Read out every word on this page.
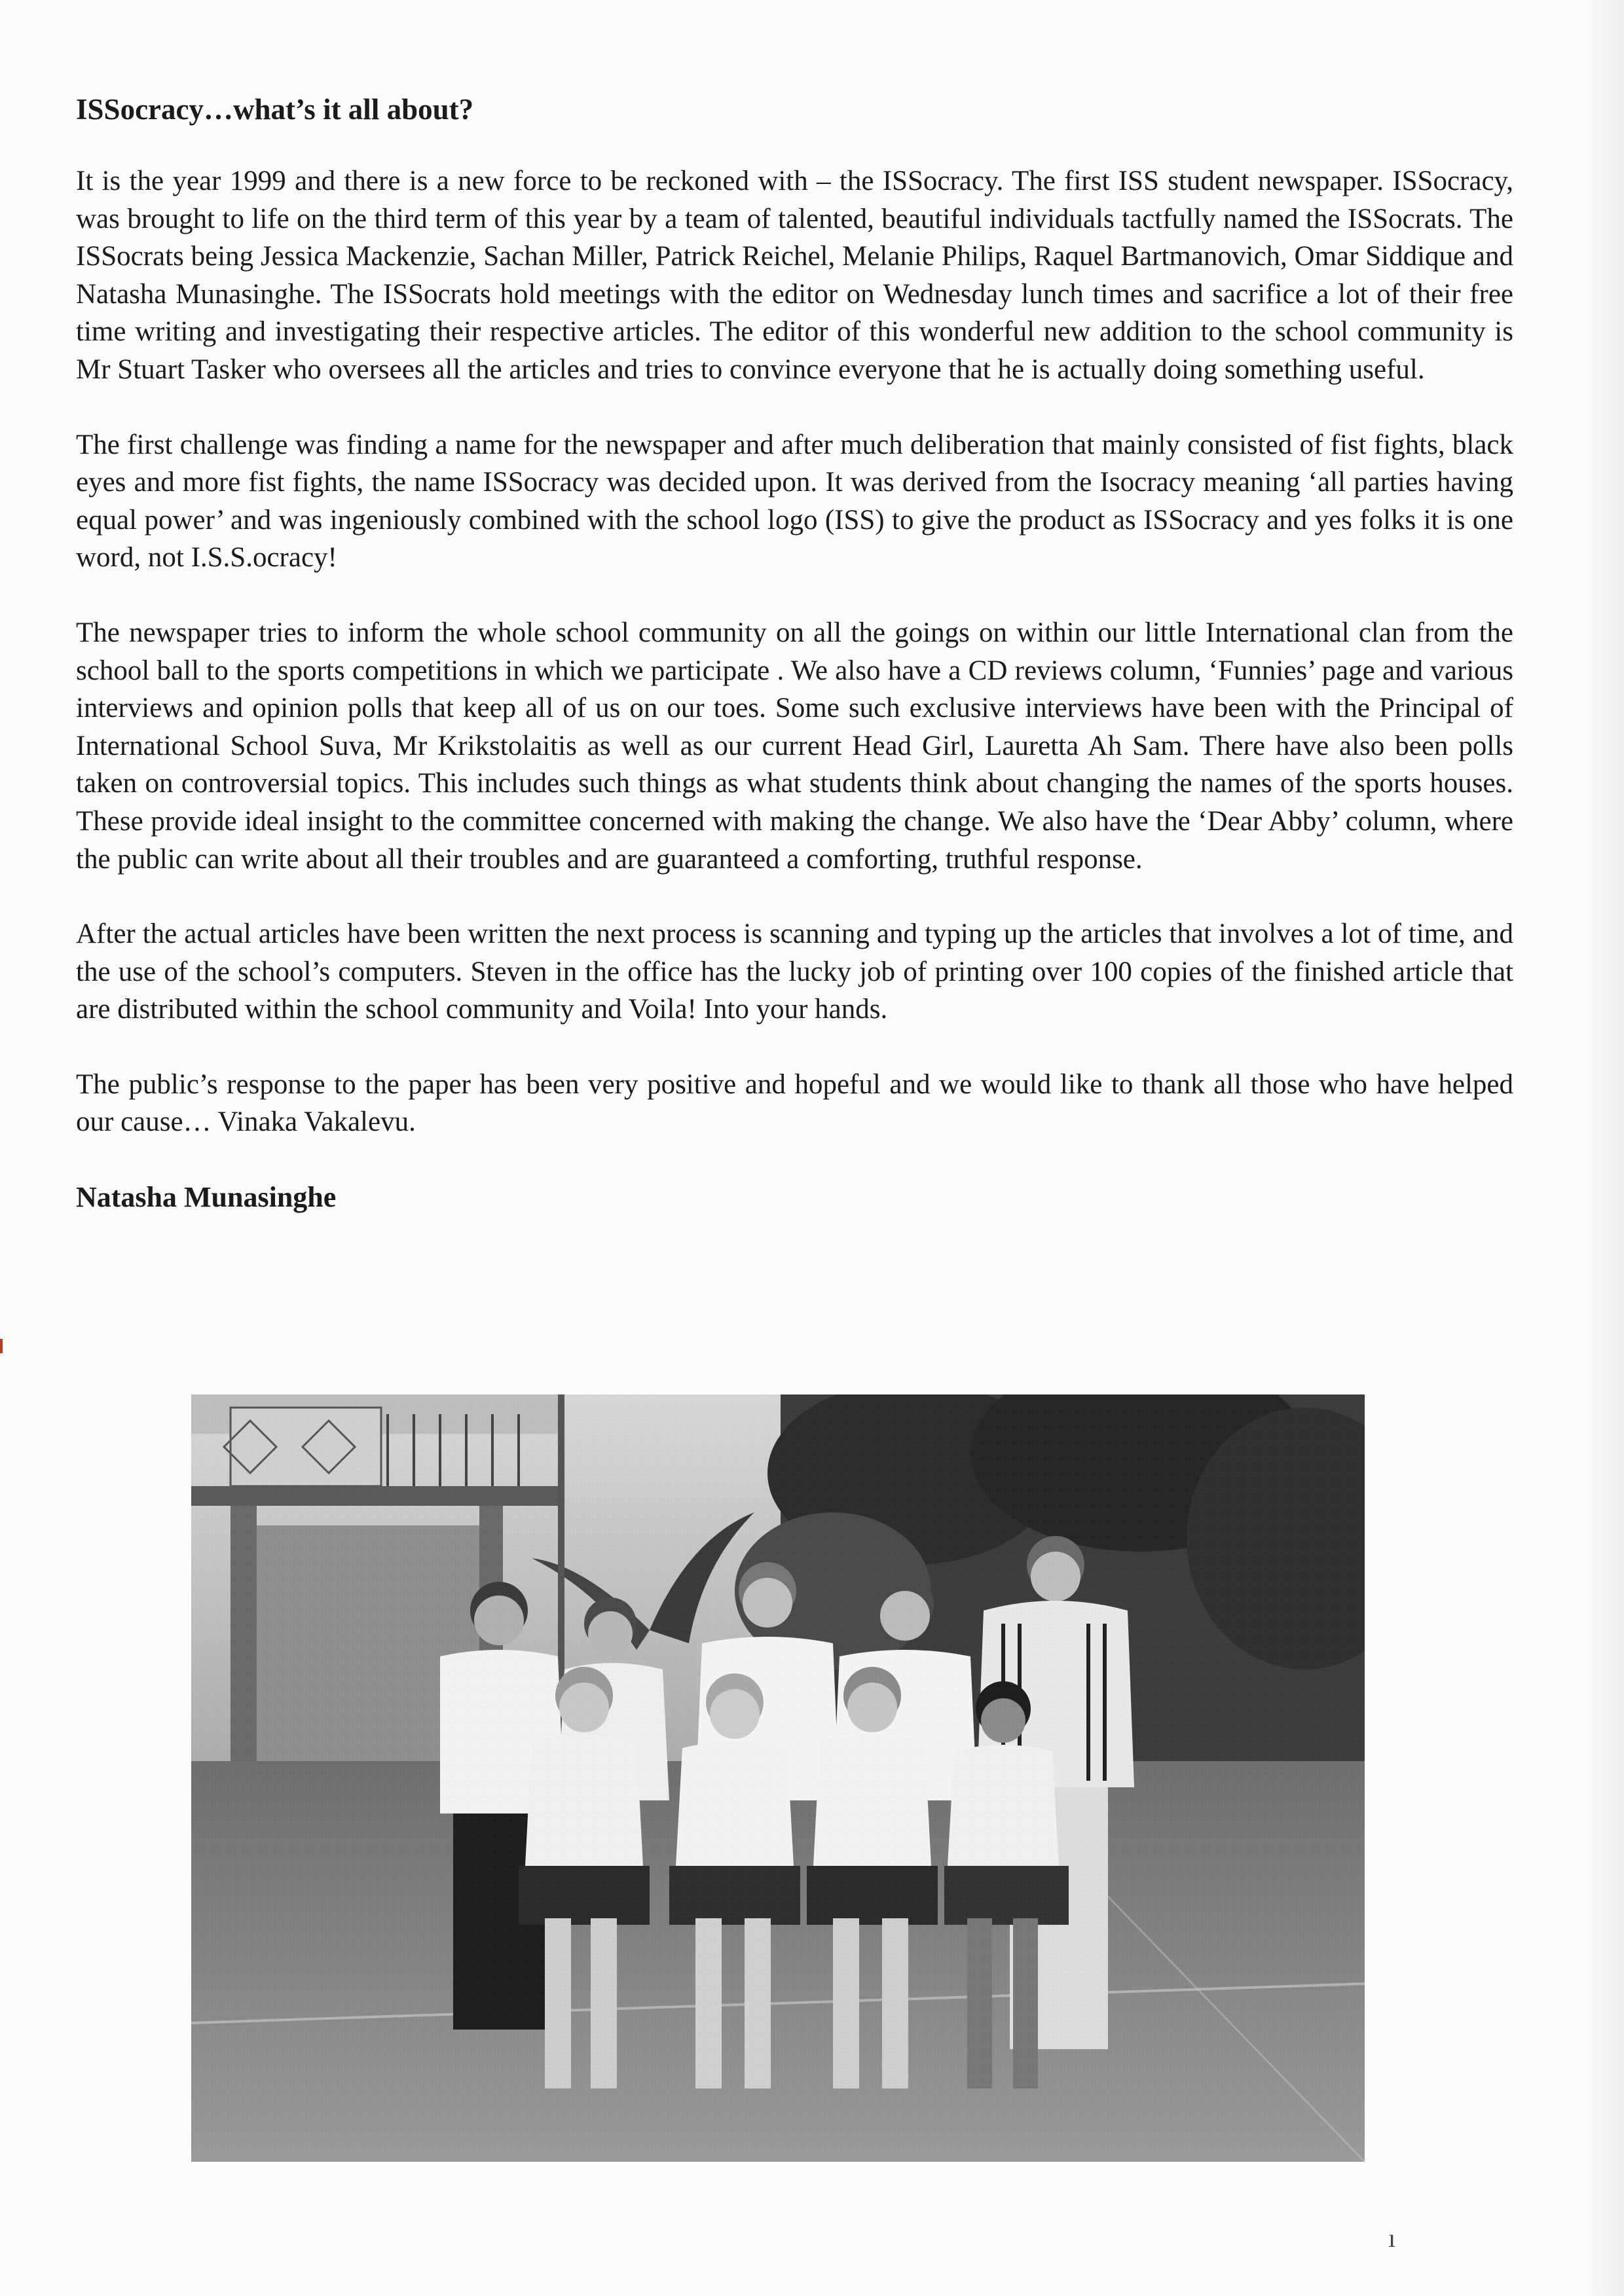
ISSocracy…what’s it all about?

It is the year 1999 and there is a new force to be reckoned with – the ISSocracy. The first ISS student newspaper. ISSocracy, was brought to life on the third term of this year by a team of talented, beautiful individuals tactfully named the ISSocrats. The ISSocrats being Jessica Mackenzie, Sachan Miller, Patrick Reichel, Melanie Philips, Raquel Bartmanovich, Omar Siddique and Natasha Munasinghe. The ISSocrats hold meetings with the editor on Wednesday lunch times and sacrifice a lot of their free time writing and investigating their respective articles. The editor of this wonderful new addition to the school community is Mr Stuart Tasker who oversees all the articles and tries to convince everyone that he is actually doing something useful.

The first challenge was finding a name for the newspaper and after much deliberation that mainly consisted of fist fights, black eyes and more fist fights, the name ISSocracy was decided upon. It was derived from the Isocracy meaning ‘all parties having equal power’ and was ingeniously combined with the school logo (ISS) to give the product as ISSocracy and yes folks it is one word, not I.S.S.ocracy!

The newspaper tries to inform the whole school community on all the goings on within our little International clan from the school ball to the sports competitions in which we participate . We also have a CD reviews column, ‘Funnies’ page and various interviews and opinion polls that keep all of us on our toes. Some such exclusive interviews have been with the Principal of International School Suva, Mr Krikstolaitis as well as our current Head Girl, Lauretta Ah Sam. There have also been polls taken on controversial topics. This includes such things as what students think about changing the names of the sports houses. These provide ideal insight to the committee concerned with making the change. We also have the ‘Dear Abby’ column, where the public can write about all their troubles and are guaranteed a comforting, truthful response.

After the actual articles have been written the next process is scanning and typing up the articles that involves a lot of time, and the use of the school’s computers. Steven in the office has the lucky job of printing over 100 copies of the finished article that are distributed within the school community and Voila! Into your hands.

The public’s response to the paper has been very positive and hopeful and we would like to thank all those who have helped our cause… Vinaka Vakalevu.

Natasha Munasinghe

ı
